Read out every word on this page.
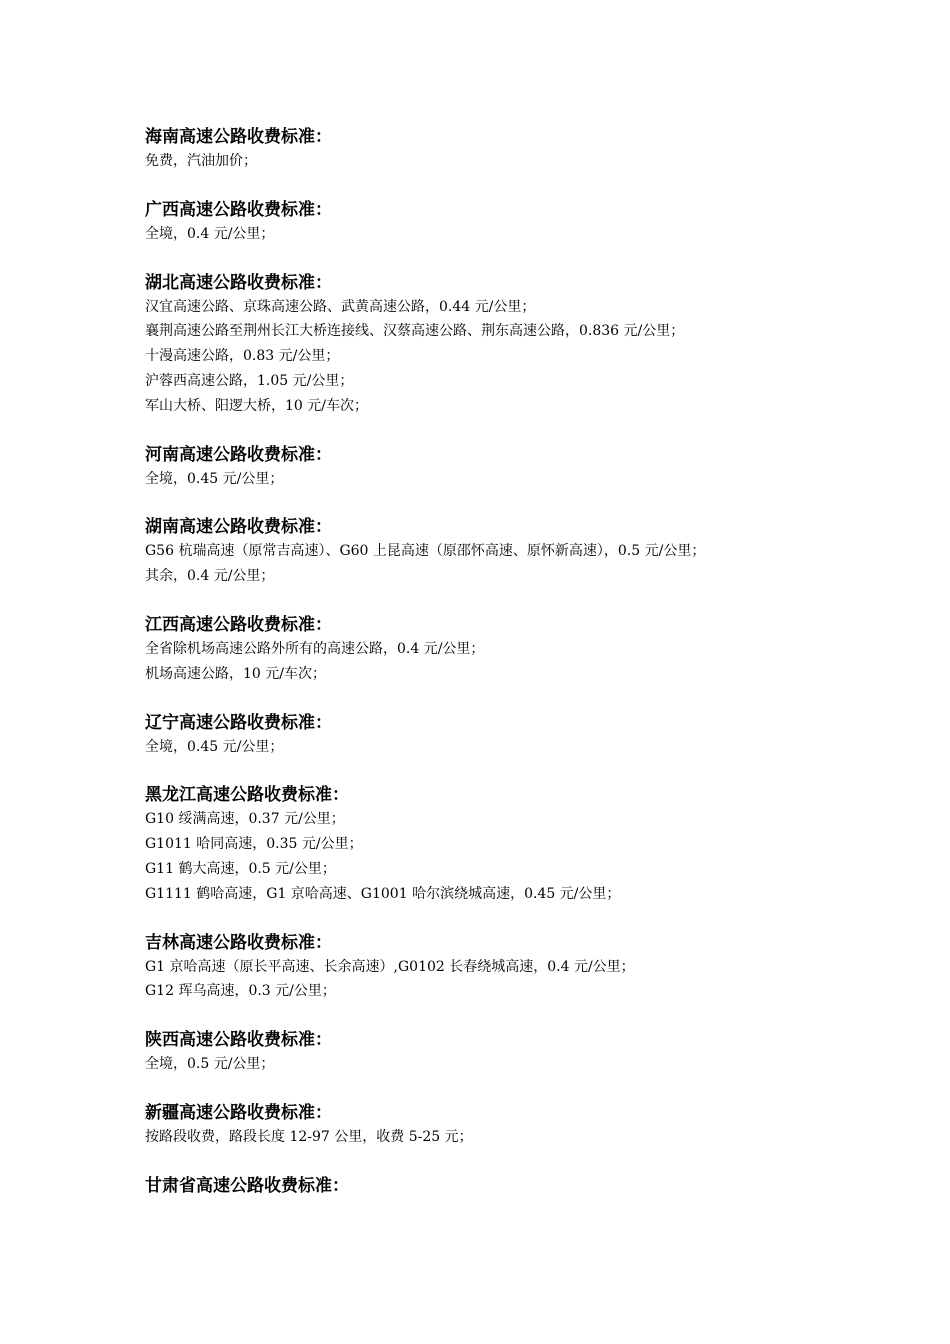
海南高速公路收费标准：
免费，汽油加价；
广西高速公路收费标准：
全境，0.4 元/公里；
湖北高速公路收费标准：
汉宜高速公路、京珠高速公路、武黄高速公路，0.44 元/公里；
襄荆高速公路至荆州长江大桥连接线、汉蔡高速公路、荆东高速公路，0.836 元/公里；
十漫高速公路，0.83 元/公里；
沪蓉西高速公路，1.05 元/公里；
军山大桥、阳逻大桥，10 元/车次；
河南高速公路收费标准：
全境，0.45 元/公里；
湖南高速公路收费标准：
G56 杭瑞高速（原常吉高速）、G60 上昆高速（原邵怀高速、原怀新高速），0.5 元/公里；
其余，0.4 元/公里；
江西高速公路收费标准：
全省除机场高速公路外所有的高速公路，0.4 元/公里；
机场高速公路，10 元/车次；
辽宁高速公路收费标准：
全境，0.45 元/公里；
黑龙江高速公路收费标准：
G10 绥满高速，0.37 元/公里；
G1011 哈同高速，0.35 元/公里；
G11 鹤大高速，0.5 元/公里；
G1111 鹤哈高速，G1 京哈高速、G1001 哈尔滨绕城高速，0.45 元/公里；
吉林高速公路收费标准：
G1 京哈高速（原长平高速、长余高速）,G0102 长春绕城高速，0.4 元/公里；
G12 珲乌高速，0.3 元/公里；
陕西高速公路收费标准：
全境，0.5 元/公里；
新疆高速公路收费标准：
按路段收费，路段长度 12-97 公里，收费 5-25 元；
甘肃省高速公路收费标准：
